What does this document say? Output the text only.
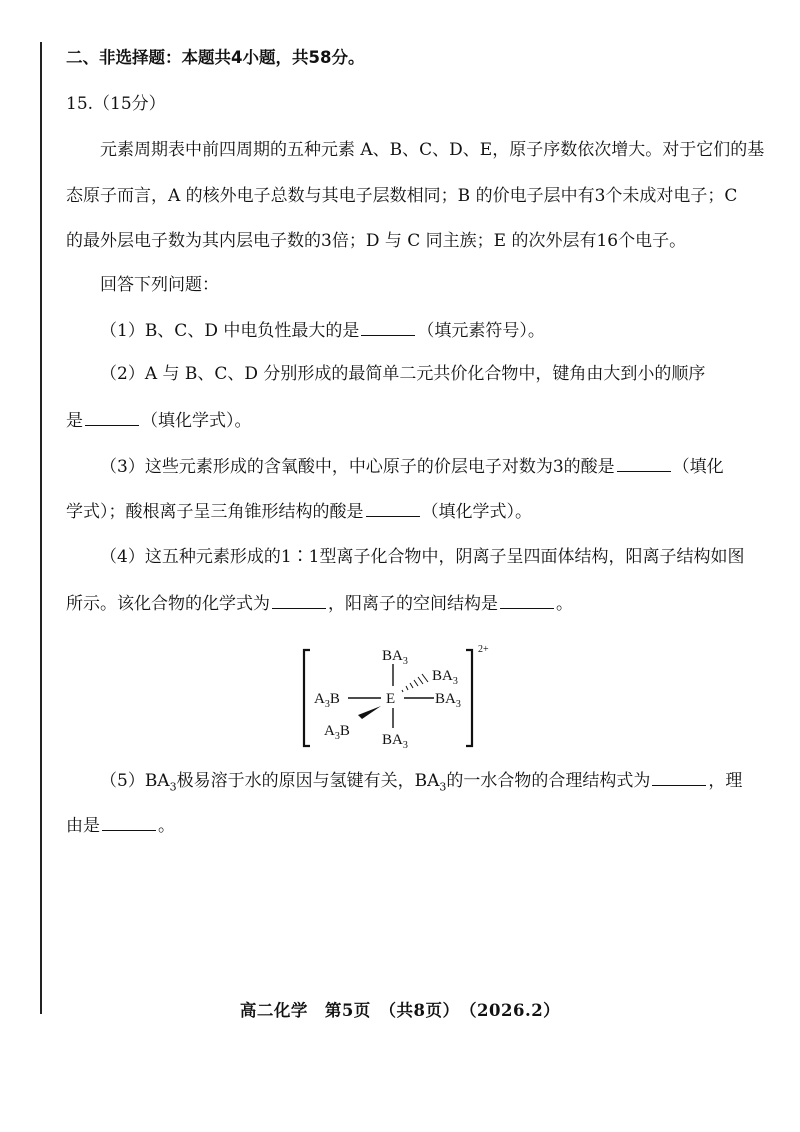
二、非选择题：本题共4小题，共58分。
15.（15分）
元素周期表中前四周期的五种元素 A、B、C、D、E，原子序数依次增大。对于它们的基
态原子而言，A 的核外电子总数与其电子层数相同；B 的价电子层中有3个未成对电子；C
的最外层电子数为其内层电子数的3倍；D 与 C 同主族；E 的次外层有16个电子。
回答下列问题：
（1）B、C、D 中电负性最大的是	（填元素符号）。
（2）A 与 B、C、D 分别形成的最简单二元共价化合物中，键角由大到小的顺序
是	（填化学式）。
（3）这些元素形成的含氧酸中，中心原子的价层电子对数为3的酸是	（填化
学式）；酸根离子呈三角锥形结构的酸是	（填化学式）。
（4）这五种元素形成的1∶1型离子化合物中，阴离子呈四面体结构，阳离子结构如图
所示。该化合物的化学式为	，阳离子的空间结构是	。
2+
$BA_3$
E
$BA_3$
$BA_3$
$A_3B$
$A_3B$
$BA_3$
$(5)BA_3$极易溶于水的原因与氢键有关，$BA_3$的一水合物的合理结构式为	，理
由是	。
高二化学　第5页　（共8页）　（2026.2）
